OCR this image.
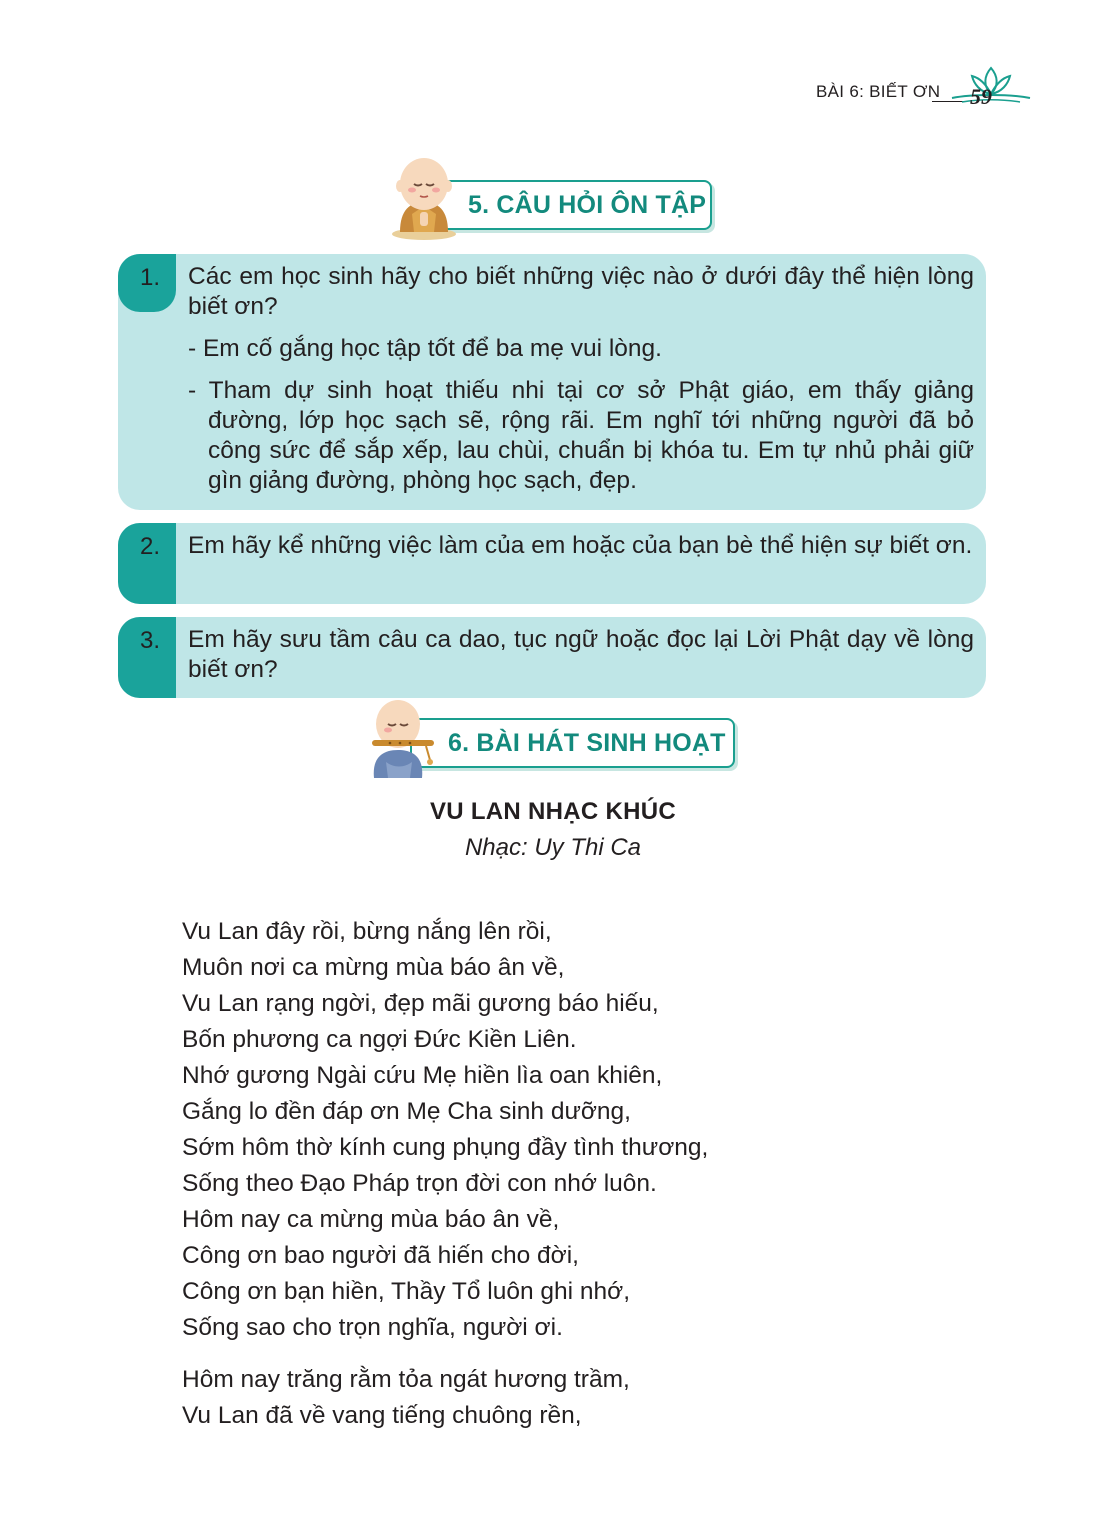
BÀI 6: BIẾT ƠN 59
5. CÂU HỎI ÔN TẬP
1. Các em học sinh hãy cho biết những việc nào ở dưới đây thể hiện lòng biết ơn?

- Em cố gắng học tập tốt để ba mẹ vui lòng.

- Tham dự sinh hoạt thiếu nhi tại cơ sở Phật giáo, em thấy giảng đường, lớp học sạch sẽ, rộng rãi. Em nghĩ tới những người đã bỏ công sức để sắp xếp, lau chùi, chuẩn bị khóa tu. Em tự nhủ phải giữ gìn giảng đường, phòng học sạch, đẹp.

2. Em hãy kể những việc làm của em hoặc của bạn bè thể hiện sự biết ơn.
3. Em hãy sưu tầm câu ca dao, tục ngữ hoặc đọc lại Lời Phật dạy về lòng biết ơn?
6. BÀI HÁT SINH HOẠT
VU LAN NHẠC KHÚC
Nhạc: Uy Thi Ca
Vu Lan đây rồi, bừng nắng lên rồi,
Muôn nơi ca mừng mùa báo ân về,
Vu Lan rạng ngời, đẹp mãi gương báo hiếu,
Bốn phương ca ngợi Đức Kiền Liên.
Nhớ gương Ngài cứu Mẹ hiền lìa oan khiên,
Gắng lo đền đáp ơn Mẹ Cha sinh dưỡng,
Sớm hôm thờ kính cung phụng đầy tình thương,
Sống theo Đạo Pháp trọn đời con nhớ luôn.
Hôm nay ca mừng mùa báo ân về,
Công ơn bao người đã hiến cho đời,
Công ơn bạn hiền, Thầy Tổ luôn ghi nhớ,
Sống sao cho trọn nghĩa, người ơi.
Hôm nay trăng rằm tỏa ngát hương trầm,
Vu Lan đã về vang tiếng chuông rền,
